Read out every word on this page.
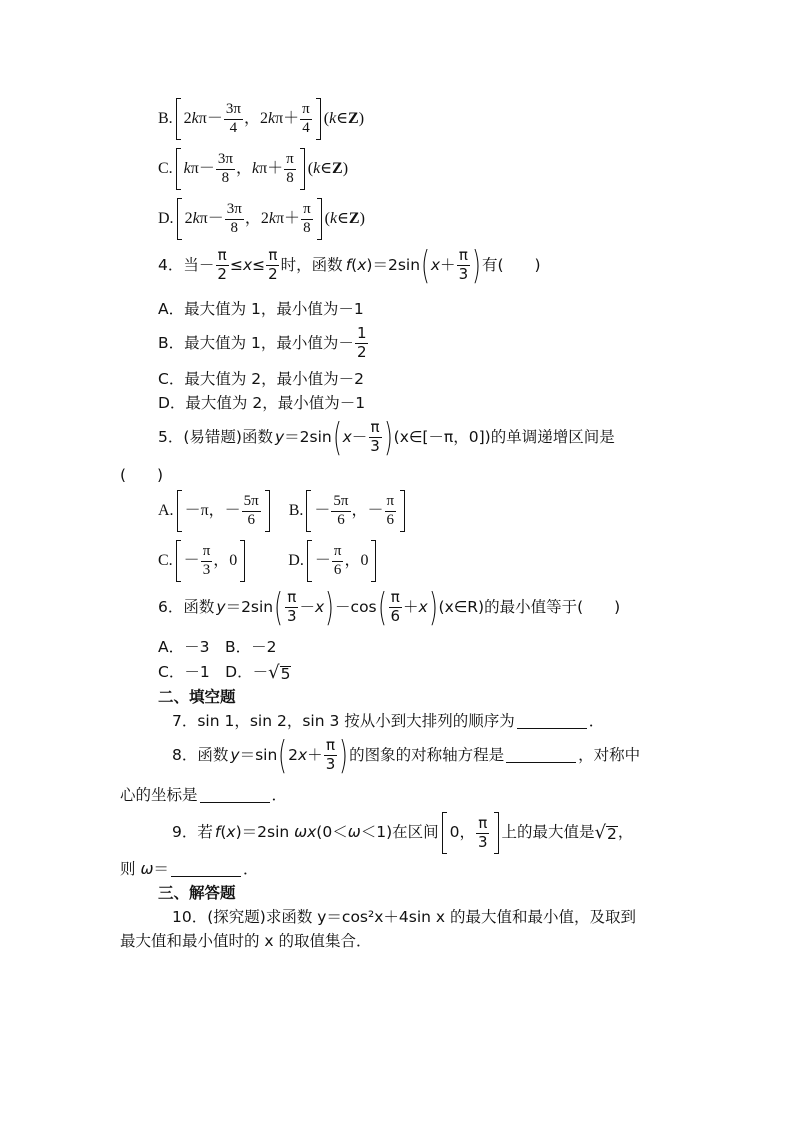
B. $2k\pi- \frac{3\pi}{4}$ ，$2k\pi+ \frac{\pi}{4}$ (k∈Z)
C. $k\pi- \frac{3\pi}{8}$ ，$k\pi+ \frac{\pi}{8}$ (k∈Z)
D. $2k\pi- \frac{3\pi}{8}$ ，$2k\pi+ \frac{\pi}{8}$ (k∈Z)
4．当 － $\frac{\pi}{2} \le x\le \frac{\pi}{2}$ 时，函数 f (x)＝2sin ( $x + \frac{\pi}{3}$ ) 有(　　)
A．最大值为 1，最小值为－1
B．最大值为 1，最小值为－ $\frac{1}{2}$
C．最大值为 2，最小值为－2
D．最大值为 2，最小值为－1
5．(易错题)函数 y ＝2sin ( $x - \frac{\pi}{3}$ ) (x∈[－π，0])的单调递增区间是
(　　)
A. －π，－ $\frac{5\pi}{6} B$. － $\frac{5\pi}{6}$ ，－ $\frac{\pi}{6}$
C. － $\frac{\pi}{3}$ ，0	D. － $\frac{\pi}{6}$ ，0
6．函数 y ＝2sin ( $\frac{\pi}{3} -x$ ) －cos ( $\frac{\pi}{6} +x$ ) (x∈R)的最小值等于(　　)
A．－3　B．－2
C．－1　D．－ √ 5
二、填空题
7．sin 1，sin 2，sin 3 按从小到大排列的顺序为	．
8．函数 y ＝sin ( $2x+ \frac{\pi}{3}$ ) 的图象的对称轴方程是	，对称中
心的坐标是	．
9．若 f (x)＝2sin ωx(0＜ω＜1)在区间 0， $\frac{\pi}{3}$ 上的最大值是 √ 2 ，
则 ω＝	．
三、解答题
10．(探究题)求函数 y＝cos²x＋4sin x 的最大值和最小值，及取到
最大值和最小值时的 x 的取值集合．
